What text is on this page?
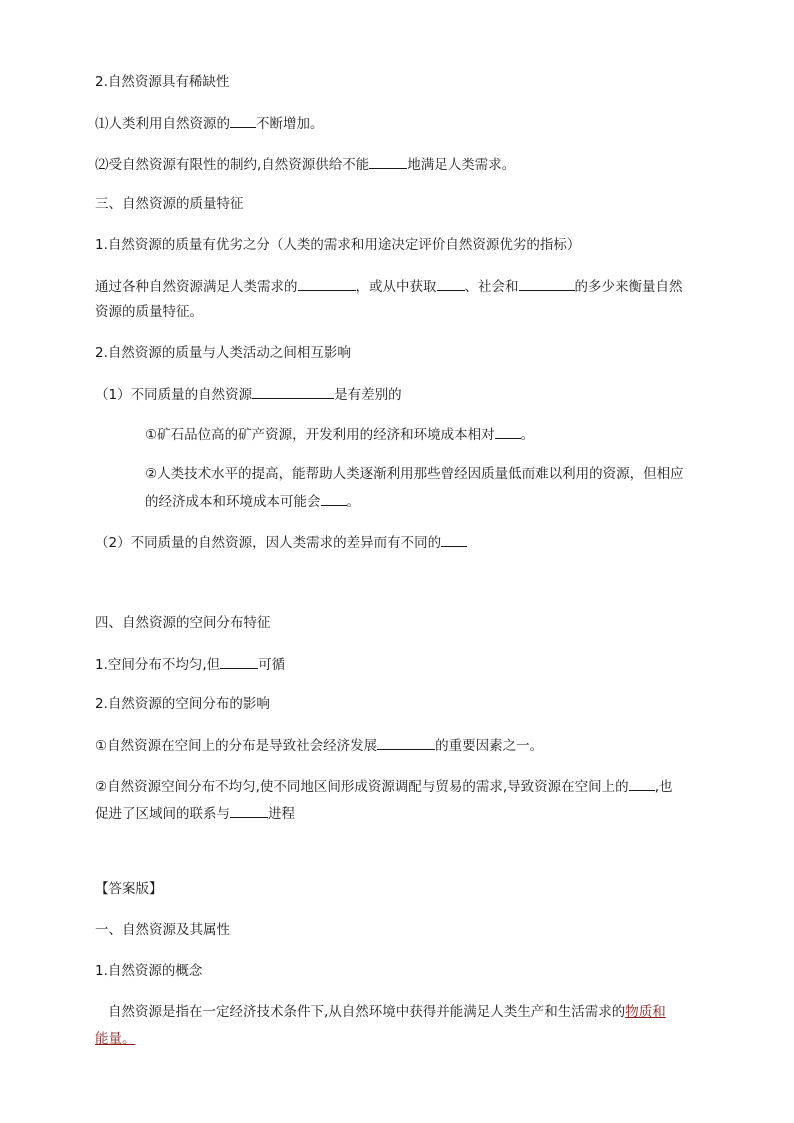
2.自然资源具有稀缺性
⑴人类利用自然资源的 不断增加。
⑵受自然资源有限性的制约,自然资源供给不能	地满足人类需求。
三、自然资源的质量特征
1.自然资源的质量有优劣之分（人类的需求和用途决定评价自然资源优劣的指标）
通过各种自然资源满足人类需求的	，或从中获取 、社会和	的多少来衡量自然
资源的质量特征。
2.自然资源的质量与人类活动之间相互影响
（1）不同质量的自然资源	是有差别的
①矿石品位高的矿产资源，开发利用的经济和环境成本相对 。
②人类技术水平的提高，能帮助人类逐渐利用那些曾经因质量低而难以利用的资源，但相应
的经济成本和环境成本可能会 。
（2）不同质量的自然资源，因人类需求的差异而有不同的
四、自然资源的空间分布特征
1.空间分布不均匀,但	可循
2.自然资源的空间分布的影响
①自然资源在空间上的分布是导致社会经济发展	的重要因素之一。
②自然资源空间分布不均匀,使不同地区间形成资源调配与贸易的需求,导致资源在空间上的 ,也
促进了区域间的联系与	进程
【答案版】
一、自然资源及其属性
1.自然资源的概念
自然资源是指在一定经济技术条件下,从自然环境中获得并能满足人类生产和生活需求的物质和
能量。
